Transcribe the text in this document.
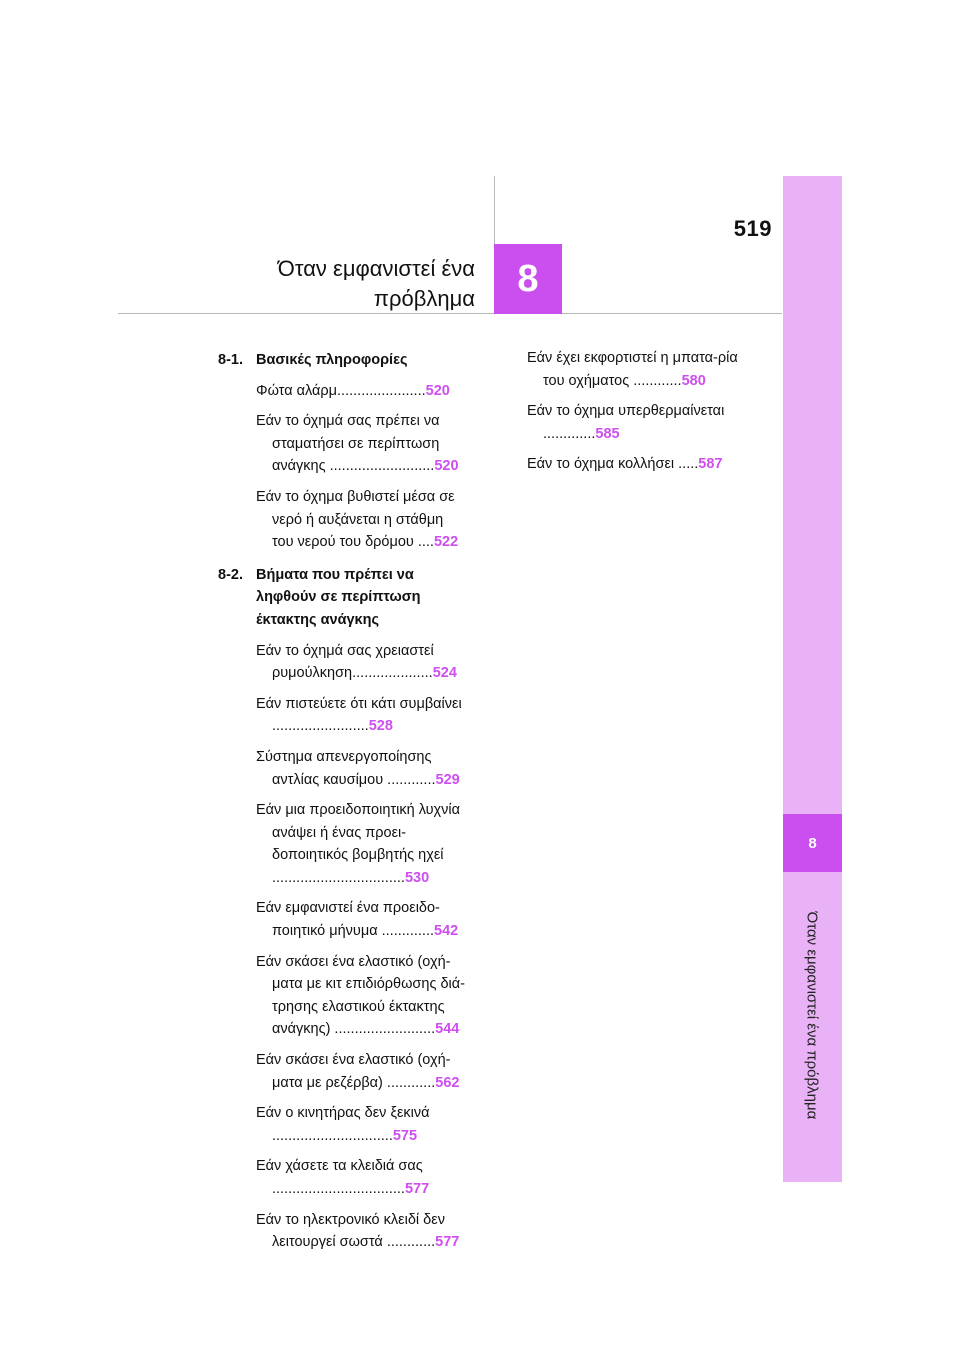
8
Όταν εμφανιστεί ένα πρόβλημα
519
Όταν εμφανιστεί ένα
πρόβλημα	8
8-1. Βασικές πληροφορίες
Φώτα αλάρμ......................520
Εάν το όχημά σας πρέπει να σταματήσει σε περίπτωση ανάγκης ..........................520
Εάν το όχημα βυθιστεί μέσα σε νερό ή αυξάνεται η στάθμη του νερού του δρόμου ....522
8-2. Βήματα που πρέπει να ληφθούν σε περίπτωση έκτακτης ανάγκης
Εάν το όχημά σας χρειαστεί ρυμούλκηση....................524
Εάν πιστεύετε ότι κάτι συμβαίνει ........................528
Σύστημα απενεργοποίησης αντλίας καυσίμου ............529
Εάν μια προειδοποιητική λυχνία ανάψει ή ένας προει-δοποιητικός βομβητής ηχεί .................................530
Εάν εμφανιστεί ένα προειδο-ποιητικό μήνυμα .............542
Εάν σκάσει ένα ελαστικό (οχή-ματα με κιτ επιδιόρθωσης διά-τρησης ελαστικού έκτακτης ανάγκης) .........................544
Εάν σκάσει ένα ελαστικό (οχή-ματα με ρεζέρβα) ............562
Εάν ο κινητήρας δεν ξεκινά ..............................575
Εάν χάσετε τα κλειδιά σας .................................577
Εάν το ηλεκτρονικό κλειδί δεν λειτουργεί σωστά ............577
Εάν έχει εκφορτιστεί η μπατα-ρία του οχήματος ............580
Εάν το όχημα υπερθερμαίνεται .............585
Εάν το όχημα κολλήσει .....587
